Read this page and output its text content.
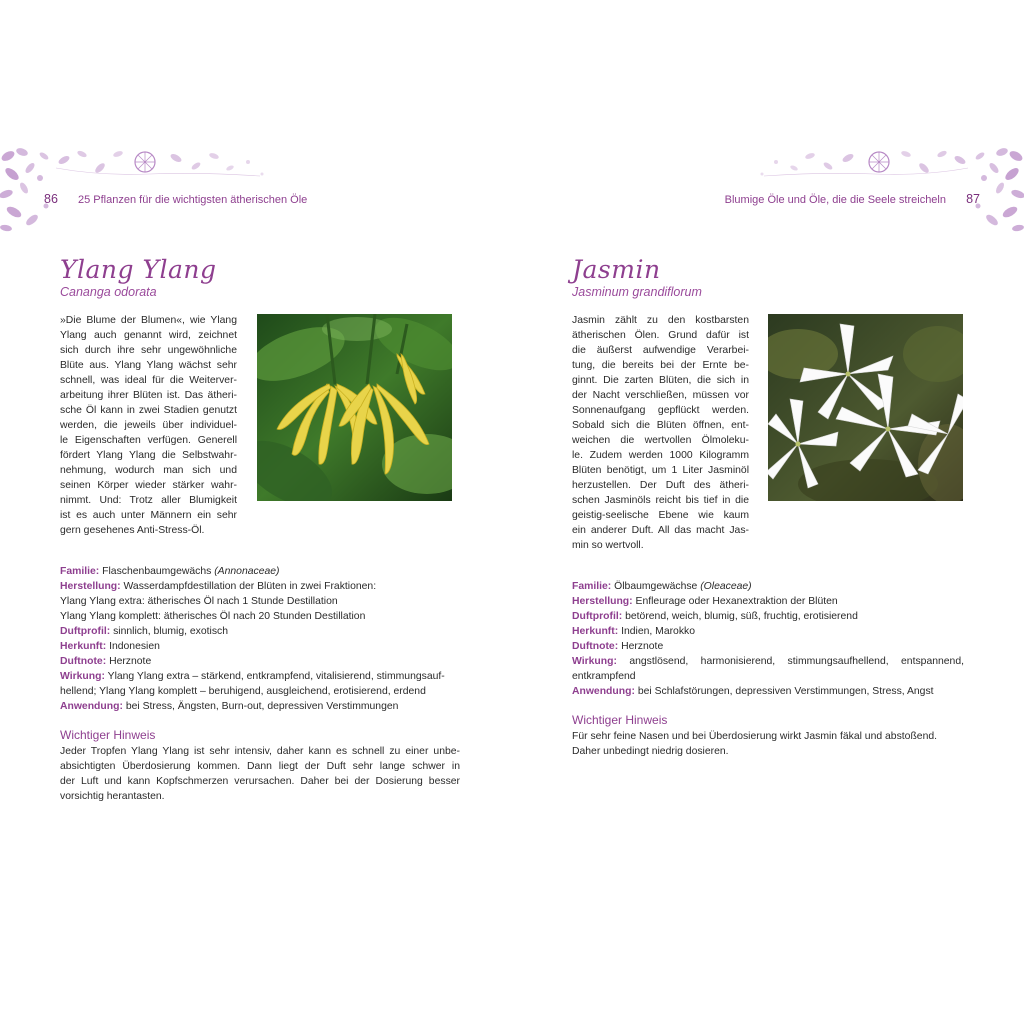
86 25 Pflanzen für die wichtigsten ätherischen Öle
Ylang Ylang
Cananga odorata
»Die Blume der Blumen«, wie Ylang
Ylang auch genannt wird, zeichnet
sich durch ihre sehr ungewöhnliche
Blüte aus. Ylang Ylang wächst sehr
schnell, was ideal für die Weiterver-
arbeitung ihrer Blüten ist. Das ätheri-
sche Öl kann in zwei Stadien genutzt
werden, die jeweils über individuel-
le Eigenschaften verfügen. Generell
fördert Ylang Ylang die Selbstwahr-
nehmung, wodurch man sich und
seinen Körper wieder stärker wahr-
nimmt. Und: Trotz aller Blumigkeit
ist es auch unter Männern ein sehr
gern gesehenes Anti-Stress-Öl.
Familie: Flaschenbaumgewächs (Annonaceae)
Herstellung: Wasserdampfdestillation der Blüten in zwei Fraktionen:
Ylang Ylang extra: ätherisches Öl nach 1 Stunde Destillation
Ylang Ylang komplett: ätherisches Öl nach 20 Stunden Destillation
Duftprofil: sinnlich, blumig, exotisch
Herkunft: Indonesien
Duftnote: Herznote
Wirkung: Ylang Ylang extra – stärkend, entkrampfend, vitalisierend, stimmungsauf-
hellend; Ylang Ylang komplett – beruhigend, ausgleichend, erotisierend, erdend
Anwendung: bei Stress, Ängsten, Burn-out, depressiven Verstimmungen
Wichtiger Hinweis
Jeder Tropfen Ylang Ylang ist sehr intensiv, daher kann es schnell zu einer unbe-
absichtigten Überdosierung kommen. Dann liegt der Duft sehr lange schwer in
der Luft und kann Kopfschmerzen verursachen. Daher bei der Dosierung besser
vorsichtig herantasten.
Blumige Öle und Öle, die die Seele streicheln 87
Jasmin
Jasminum grandiflorum
Jasmin zählt zu den kostbarsten
ätherischen Ölen. Grund dafür ist
die äußerst aufwendige Verarbei-
tung, die bereits bei der Ernte be-
ginnt. Die zarten Blüten, die sich in
der Nacht verschließen, müssen vor
Sonnenaufgang gepflückt werden.
Sobald sich die Blüten öffnen, ent-
weichen die wertvollen Ölmoleku-
le. Zudem werden 1000 Kilogramm
Blüten benötigt, um 1 Liter Jasminöl
herzustellen. Der Duft des ätheri-
schen Jasminöls reicht bis tief in die
geistig-seelische Ebene wie kaum
ein anderer Duft. All das macht Jas-
min so wertvoll.
Familie: Ölbaumgewächse (Oleaceae)
Herstellung: Enfleurage oder Hexanextraktion der Blüten
Duftprofil: betörend, weich, blumig, süß, fruchtig, erotisierend
Herkunft: Indien, Marokko
Duftnote: Herznote
Wirkung: angstlösend, harmonisierend, stimmungsaufhellend, entspannend,
entkrampfend
Anwendung: bei Schlafstörungen, depressiven Verstimmungen, Stress, Angst
Wichtiger Hinweis
Für sehr feine Nasen und bei Überdosierung wirkt Jasmin fäkal und abstoßend.
Daher unbedingt niedrig dosieren.
